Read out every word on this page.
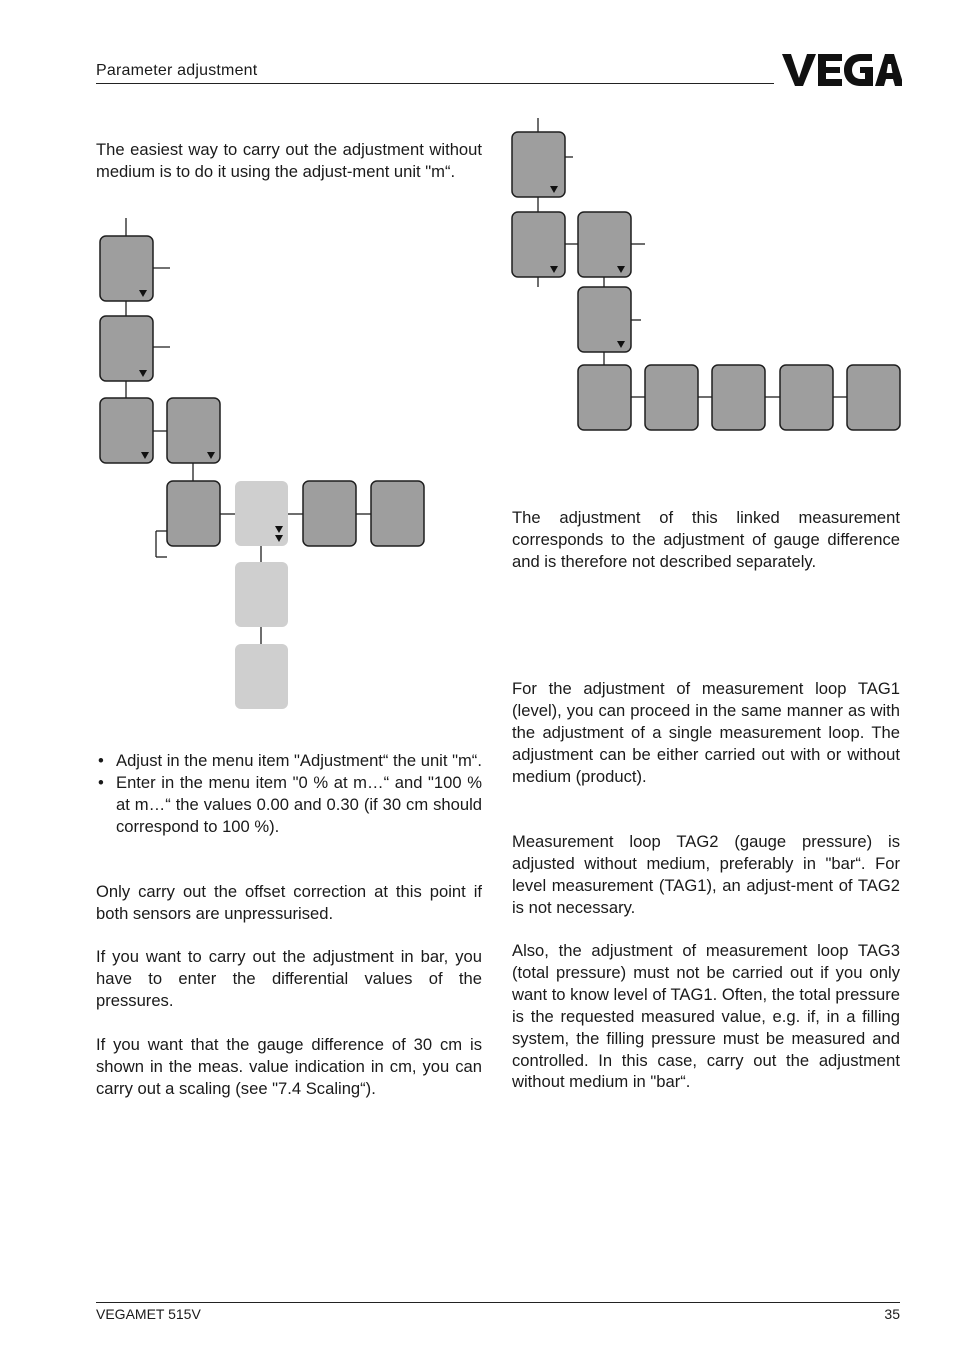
Parameter adjustment
The easiest way to carry out the adjustment without medium is to do it using the adjust-ment unit "m“.
• Adjust in the menu item "Adjustment“ the unit "m“.
• Enter in the menu item "0 % at m…“ and "100 % at m…“ the values 0.00 and 0.30 (if 30 cm should correspond to 100 %).
Only carry out the offset correction at this point if both sensors are unpressurised.
If you want to carry out the adjustment in bar, you have to enter the differential values of the pressures.
If you want that the gauge difference of 30 cm is shown in the meas. value indication in cm, you can carry out a scaling (see "7.4 Scaling“).
The adjustment of this linked measurement corresponds to the adjustment of gauge difference and is therefore not described separately.
For the adjustment of measurement loop TAG1 (level), you can proceed in the same manner as with the adjustment of a single measurement loop. The adjustment can be either carried out with or without medium (product).
Measurement loop TAG2 (gauge pressure) is adjusted without medium, preferably in "bar“. For level measurement (TAG1), an adjust-ment of TAG2 is not necessary.
Also, the adjustment of measurement loop TAG3 (total pressure) must not be carried out if you only want to know level of TAG1. Often, the total pressure is the requested measured value, e.g. if, in a filling system, the filling pressure must be measured and controlled. In this case, carry out the adjustment without medium in "bar“.
VEGAMET 515V	35
